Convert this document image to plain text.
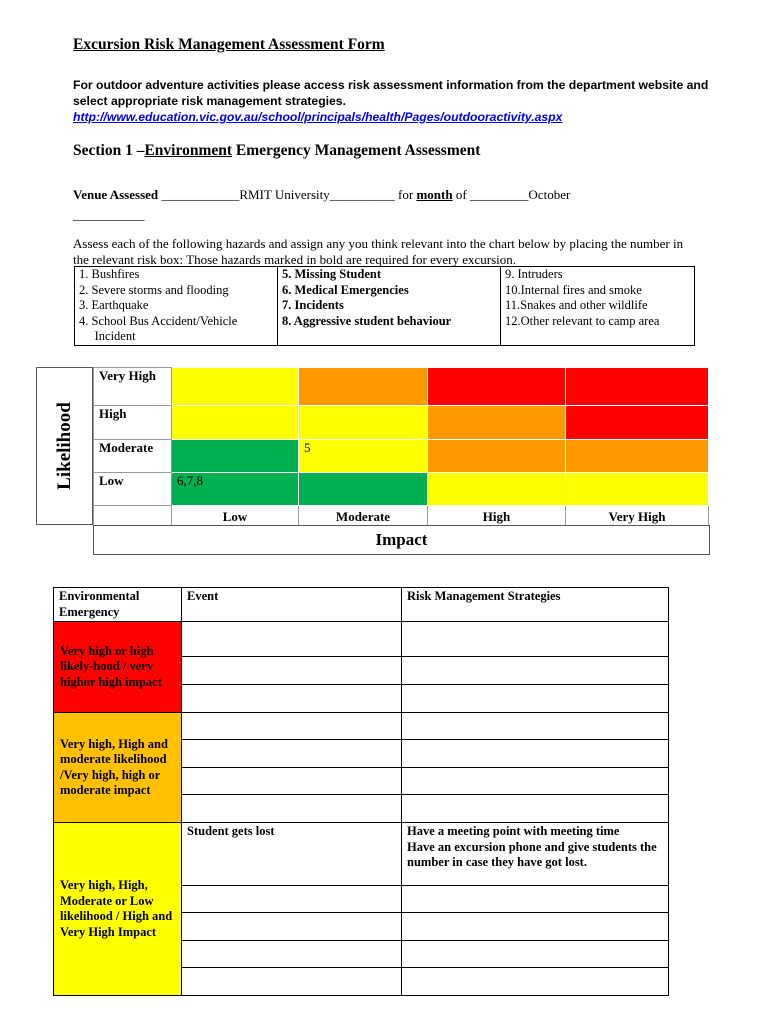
Excursion Risk Management Assessment Form
For outdoor adventure activities please access risk assessment information from the department website and select appropriate risk management strategies.
http://www.education.vic.gov.au/school/principals/health/Pages/outdooractivity.aspx
Section 1 –Environment Emergency Management Assessment
Venue Assessed ____________RMIT University__________ for month of _________October
___________
Assess each of the following hazards and assign any you think relevant into the chart below by placing the number in the relevant risk box: Those hazards marked in bold are required for every excursion.
1. Bushfires
2. Severe storms and flooding
3. Earthquake
4. School Bus Accident/Vehicle
Incident

5. Missing Student
6. Medical Emergencies
7. Incidents
8. Aggressive student behaviour

9. Intruders
10.Internal fires and smoke
11.Snakes and other wildlife
12.Other relevant to camp area
Likelihood
Very High				
High				
Moderate		5		
Low	6,7,8			
	Low	Moderate	High	Very High
Impact
Environmental Emergency	Event	Risk Management Strategies
Very high or high likely-hood / very highor high impact		

Very high, High and moderate likelihood /Very high, high or moderate impact		

Very high, High, Moderate or Low likelihood / High and Very High Impact	Student gets lost	Have a meeting point with meeting time
Have an excursion phone and give students the number in case they have got lost.
